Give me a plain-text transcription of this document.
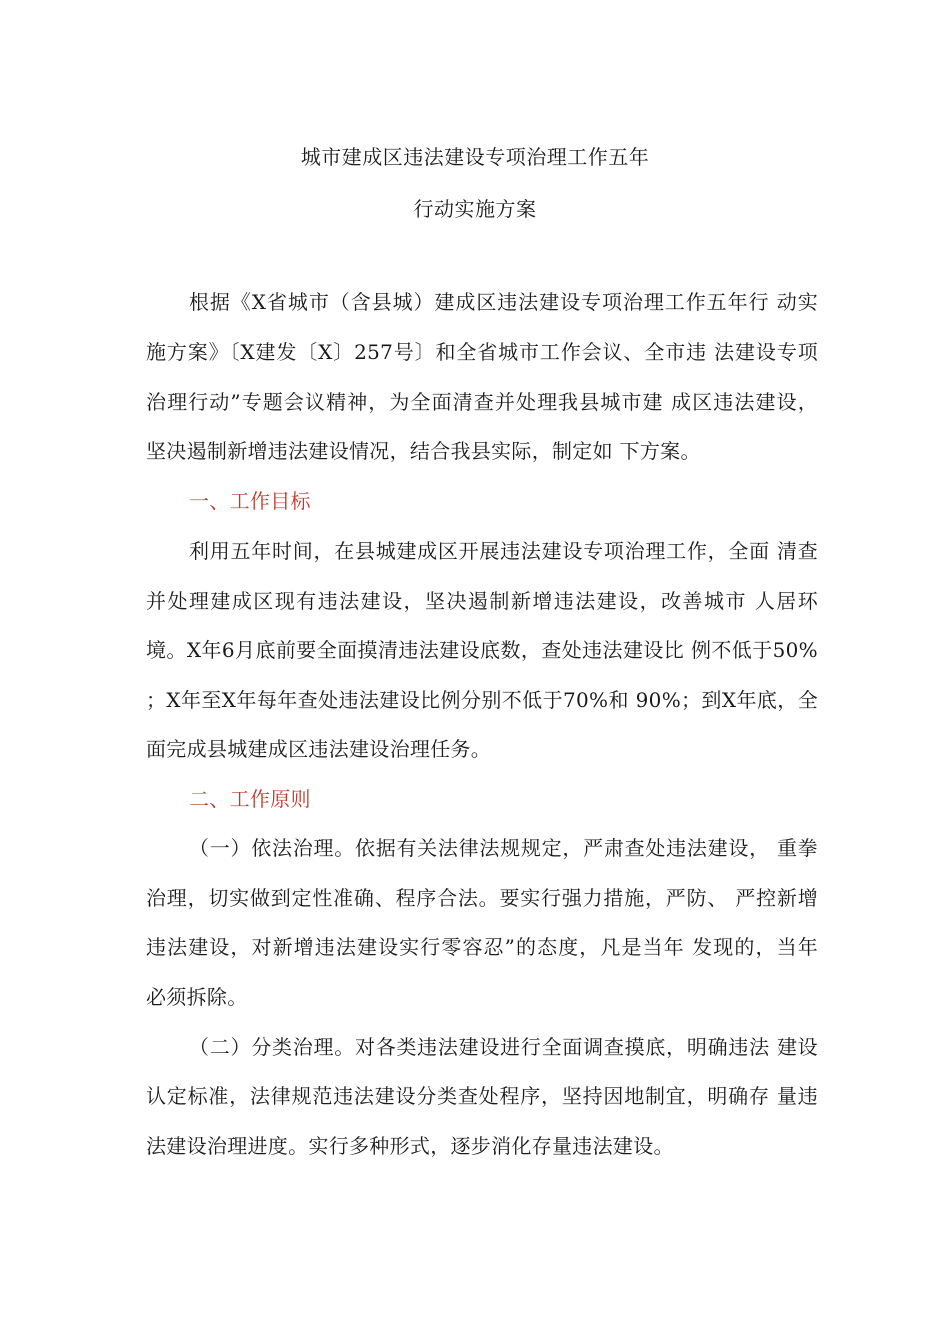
城市建成区违法建设专项治理工作五年
行动实施方案
根据《X省城市（含县城）建成区违法建设专项治理工作五年行 动实
施方案》〔X建发〔X〕257号〕和全省城市工作会议、全市违 法建设专项
治理行动”专题会议精神，为全面清查并处理我县城市建 成区违法建设，
坚决遏制新增违法建设情况，结合我县实际，制定如 下方案。
一、工作目标
利用五年时间，在县城建成区开展违法建设专项治理工作，全面 清查
并处理建成区现有违法建设，坚决遏制新增违法建设，改善城市 人居环
境。X年6月底前要全面摸清违法建设底数，查处违法建设比 例不低于50%
；X年至X年每年查处违法建设比例分别不低于70%和 90%；到X年底，全
面完成县城建成区违法建设治理任务。
二、工作原则
（一）依法治理。依据有关法律法规规定，严肃查处违法建设， 重拳
治理，切实做到定性准确、程序合法。要实行强力措施，严防、 严控新增
违法建设，对新增违法建设实行零容忍”的态度，凡是当年 发现的，当年
必须拆除。
（二）分类治理。对各类违法建设进行全面调查摸底，明确违法 建设
认定标准，法律规范违法建设分类查处程序，坚持因地制宜，明确存 量违
法建设治理进度。实行多种形式，逐步消化存量违法建设。
